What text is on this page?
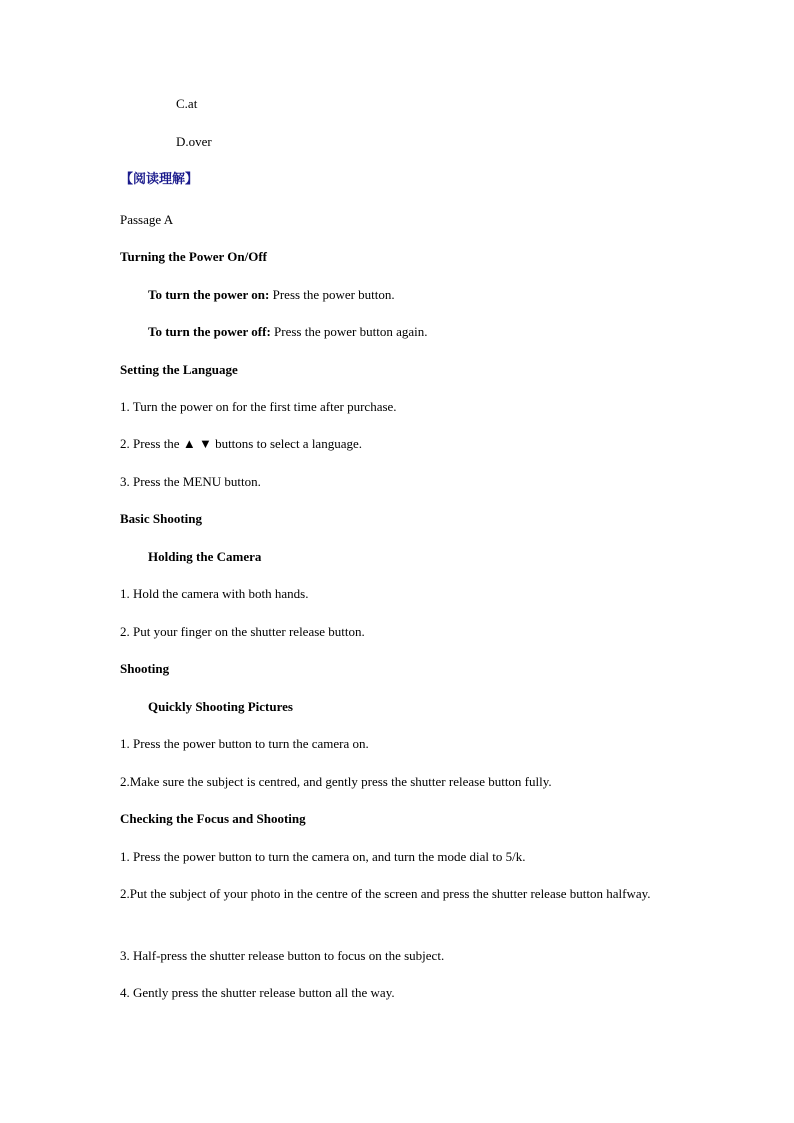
C.at
D.over
【阅读理解】
Passage A
Turning the Power On/Off
To turn the power on: Press the power button.
To turn the power off: Press the power button again.
Setting the Language
1. Turn the power on for the first time after purchase.
2. Press the ▲ ▼ buttons to select a language.
3. Press the MENU button.
Basic Shooting
Holding the Camera
1. Hold the camera with both hands.
2. Put your finger on the shutter release button.
Shooting
Quickly Shooting Pictures
1. Press the power button to turn the camera on.
2.Make sure the subject is centred, and gently press the shutter release button fully.
Checking the Focus and Shooting
1. Press the power button to turn the camera on, and turn the mode dial to 5/k.
2.Put the subject of your photo in the centre of the screen and press the shutter release button halfway.
3. Half-press the shutter release button to focus on the subject.
4. Gently press the shutter release button all the way.
